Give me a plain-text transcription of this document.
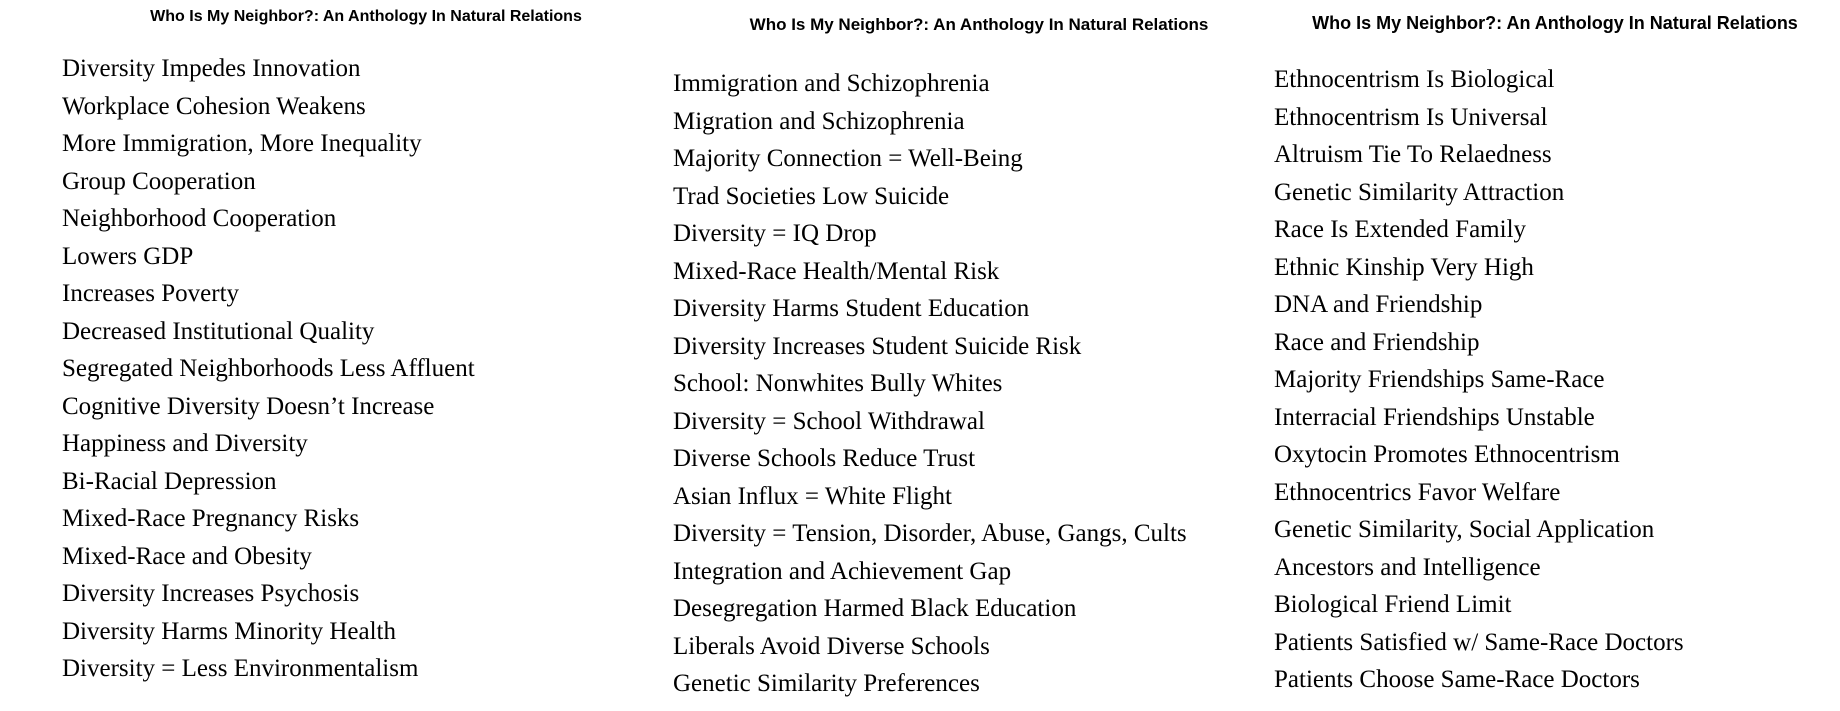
Who Is My Neighbor?: An Anthology In Natural Relations
Diversity Impedes Innovation
Workplace Cohesion Weakens
More Immigration, More Inequality
Group Cooperation
Neighborhood Cooperation
Lowers GDP
Increases Poverty
Decreased Institutional Quality
Segregated Neighborhoods Less Affluent
Cognitive Diversity Doesn’t Increase
Happiness and Diversity
Bi-Racial Depression
Mixed-Race Pregnancy Risks
Mixed-Race and Obesity
Diversity Increases Psychosis
Diversity Harms Minority Health
Diversity = Less Environmentalism
Who Is My Neighbor?: An Anthology In Natural Relations
Immigration and Schizophrenia
Migration and Schizophrenia
Majority Connection = Well-Being
Trad Societies Low Suicide
Diversity = IQ Drop
Mixed-Race Health/Mental Risk
Diversity Harms Student Education
Diversity Increases Student Suicide Risk
School: Nonwhites Bully Whites
Diversity = School Withdrawal
Diverse Schools Reduce Trust
Asian Influx = White Flight
Diversity = Tension, Disorder, Abuse, Gangs, Cults
Integration and Achievement Gap
Desegregation Harmed Black Education
Liberals Avoid Diverse Schools
Genetic Similarity Preferences
Who Is My Neighbor?: An Anthology In Natural Relations
Ethnocentrism Is Biological
Ethnocentrism Is Universal
Altruism Tie To Relaedness
Genetic Similarity Attraction
Race Is Extended Family
Ethnic Kinship Very High
DNA and Friendship
Race and Friendship
Majority Friendships Same-Race
Interracial Friendships Unstable
Oxytocin Promotes Ethnocentrism
Ethnocentrics Favor Welfare
Genetic Similarity, Social Application
Ancestors and Intelligence
Biological Friend Limit
Patients Satisfied w/ Same-Race Doctors
Patients Choose Same-Race Doctors
